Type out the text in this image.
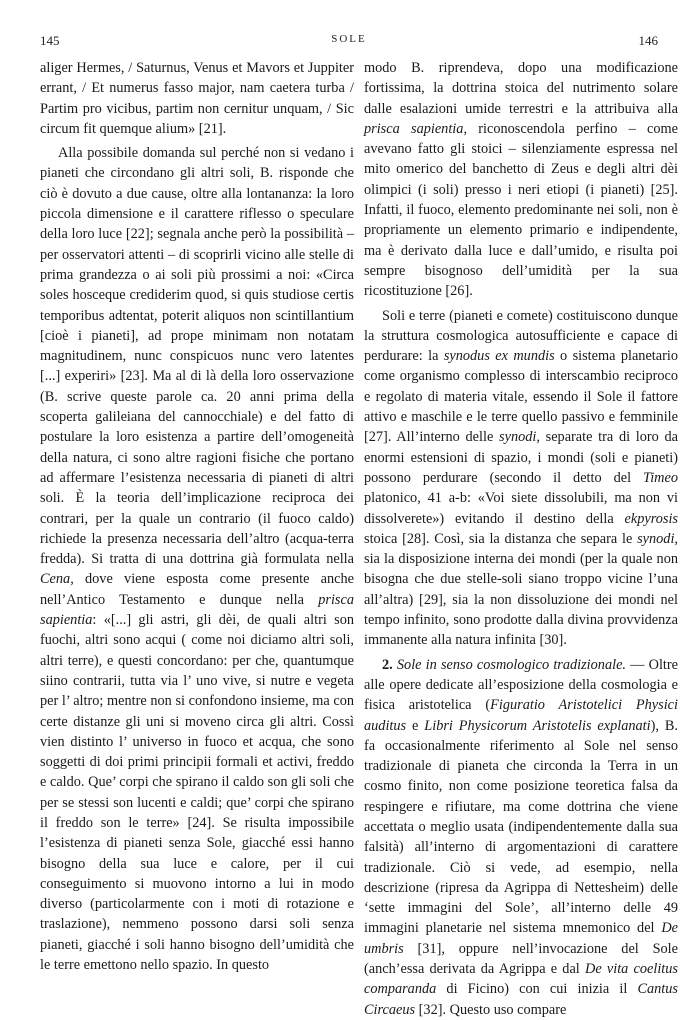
145	SOLE	146

aliger Hermes, / Saturnus, Venus et Mavors et Juppiter errant, / Et numerus fasso major, nam caetera turba / Partim pro vicibus, partim non cernitur unquam, / Sic circum fit quemque alium» [21].

Alla possibile domanda sul perché non si vedano i pianeti che circondano gli altri soli, B. risponde che ciò è dovuto a due cause, oltre alla lontananza: la loro piccola dimensione e il carattere riflesso o speculare della loro luce [22]; segnala anche però la possibilità – per osservatori attenti – di scoprirli vicino alle stelle di prima grandezza o ai soli più prossimi a noi: «Circa soles hosceque crediderim quod, si quis studiose certis temporibus adtentat, poterit aliquos non scintillantium [cioè i pianeti], ad prope minimam non notatam magnitudinem, nunc conspicuos nunc vero latentes [...] experiri» [23]. Ma al di là della loro osservazione (B. scrive queste parole ca. 20 anni prima della scoperta galileiana del cannocchiale) e del fatto di postulare la loro esistenza a partire dell’omogeneità della natura, ci sono altre ragioni fisiche che portano ad affermare l’esistenza necessaria di pianeti di altri soli. È la teoria dell’implicazione reciproca dei contrari, per la quale un contrario (il fuoco caldo) richiede la presenza necessaria dell’altro (acqua-terra fredda). Si tratta di una dottrina già formulata nella Cena, dove viene esposta come presente anche nell’Antico Testamento e dunque nella prisca sapientia: «[...] gli astri, gli dèi, de quali altri son fuochi, altri sono acqui ( come noi diciamo altri soli, altri terre), e questi concordano: per che, quantumque siino contrarii, tutta via l’ uno vive, si nutre e vegeta per l’ altro; mentre non si confondono insieme, ma con certe distanze gli uni si moveno circa gli altri. Cossì vien distinto l’ universo in fuoco et acqua, che sono soggetti di doi primi principii formali et activi, freddo e caldo. Que’ corpi che spirano il caldo son gli soli che per se stessi son lucenti e caldi; que’ corpi che spirano il freddo son le terre» [24]. Se risulta impossibile l’esistenza di pianeti senza Sole, giacché essi hanno bisogno della sua luce e calore, per il cui conseguimento si muovono intorno a lui in modo diverso (particolarmente con i moti di rotazione e traslazione), nemmeno possono darsi soli senza pianeti, giacché i soli hanno bisogno dell’umidità che le terre emettono nello spazio. In questo

modo B. riprendeva, dopo una modificazione fortissima, la dottrina stoica del nutrimento solare dalle esalazioni umide terrestri e la attribuiva alla prisca sapientia, riconoscendola perfino – come avevano fatto gli stoici – silenziamente espressa nel mito omerico del banchetto di Zeus e degli altri dèi olimpici (i soli) presso i neri etiopi (i pianeti) [25]. Infatti, il fuoco, elemento predominante nei soli, non è propriamente un elemento primario e indipendente, ma è derivato dalla luce e dall’umido, e risulta poi sempre bisognoso dell’umidità per la sua ricostituzione [26].

Soli e terre (pianeti e comete) costituiscono dunque la struttura cosmologica autosufficiente e capace di perdurare: la synodus ex mundis o sistema planetario come organismo complesso di interscambio reciproco e regolato di materia vitale, essendo il Sole il fattore attivo e maschile e le terre quello passivo e femminile [27]. All’interno delle synodi, separate tra di loro da enormi estensioni di spazio, i mondi (soli e pianeti) possono perdurare (secondo il detto del Timeo platonico, 41 a-b: «Voi siete dissolubili, ma non vi dissolverete») evitando il destino della ekpyrosis stoica [28]. Così, sia la distanza che separa le synodi, sia la disposizione interna dei mondi (per la quale non bisogna che due stelle-soli siano troppo vicine l’una all’altra) [29], sia la non dissoluzione dei mondi nel tempo infinito, sono prodotte dalla divina provvidenza immanente alla natura infinita [30].

2. Sole in senso cosmologico tradizionale. — Oltre alle opere dedicate all’esposizione della cosmologia e fisica aristotelica (Figuratio Aristotelici Physici auditus e Libri Physicorum Aristotelis explanati), B. fa occasionalmente riferimento al Sole nel senso tradizionale di pianeta che circonda la Terra in un cosmo finito, non come posizione teoretica falsa da respingere e rifiutare, ma come dottrina che viene accettata o meglio usata (indipendentemente dalla sua falsità) all’interno di argomentazioni di carattere tradizionale. Ciò si vede, ad esempio, nella descrizione (ripresa da Agrippa di Nettesheim) delle ‘sette immagini del Sole’, all’interno delle 49 immagini planetarie nel sistema mnemonico del De umbris [31], oppure nell’invocazione del Sole (anch’essa derivata da Agrippa e dal De vita coelitus comparanda di Ficino) con cui inizia il Cantus Circaeus [32]. Questo uso compare
